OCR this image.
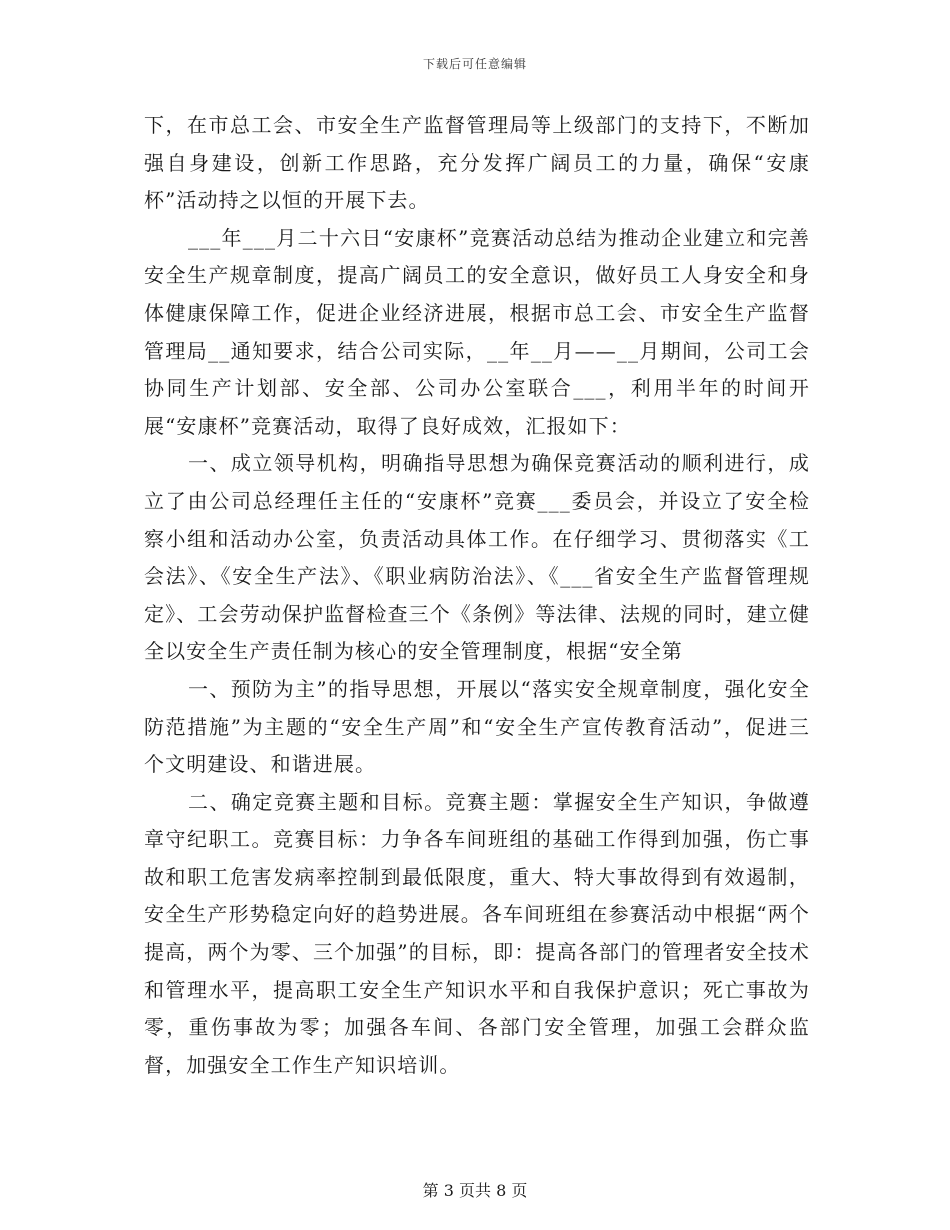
下载后可任意编辑

下，在市总工会、市安全生产监督管理局等上级部门的支持下，不断加强自身建设，创新工作思路，充分发挥广阔员工的力量，确保“安康杯”活动持之以恒的开展下去。

___年___月二十六日“安康杯”竞赛活动总结为推动企业建立和完善安全生产规章制度，提高广阔员工的安全意识，做好员工人身安全和身体健康保障工作，促进企业经济进展，根据市总工会、市安全生产监督管理局__通知要求，结合公司实际，__年__月——__月期间，公司工会协同生产计划部、安全部、公司办公室联合___，利用半年的时间开展“安康杯”竞赛活动，取得了良好成效，汇报如下：

一、成立领导机构，明确指导思想为确保竞赛活动的顺利进行，成立了由公司总经理任主任的“安康杯”竞赛___委员会，并设立了安全检察小组和活动办公室，负责活动具体工作。在仔细学习、贯彻落实《工会法》、《安全生产法》、《职业病防治法》、《___省安全生产监督管理规定》、工会劳动保护监督检查三个《条例》等法律、法规的同时，建立健全以安全生产责任制为核心的安全管理制度，根据“安全第

一、预防为主”的指导思想，开展以“落实安全规章制度，强化安全防范措施”为主题的“安全生产周”和“安全生产宣传教育活动”，促进三个文明建设、和谐进展。

二、确定竞赛主题和目标。竞赛主题：掌握安全生产知识，争做遵章守纪职工。竞赛目标：力争各车间班组的基础工作得到加强，伤亡事故和职工危害发病率控制到最低限度，重大、特大事故得到有效遏制，安全生产形势稳定向好的趋势进展。各车间班组在参赛活动中根据“两个提高，两个为零、三个加强”的目标，即：提高各部门的管理者安全技术和管理水平，提高职工安全生产知识水平和自我保护意识；死亡事故为零，重伤事故为零；加强各车间、各部门安全管理，加强工会群众监督，加强安全工作生产知识培训。

第 3 页共 8 页
